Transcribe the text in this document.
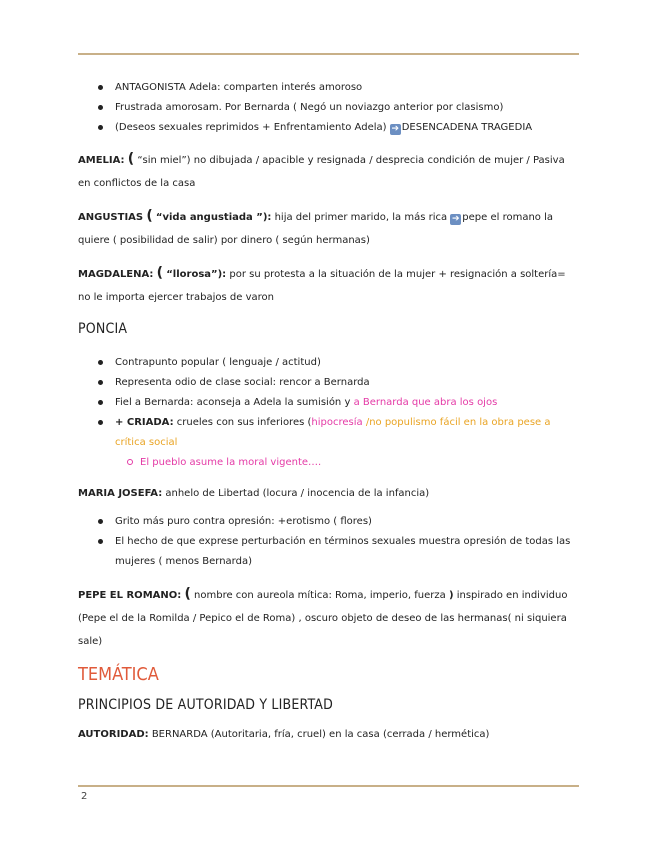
ANTAGONISTA Adela: comparten interés amoroso
Frustrada amorosam. Por Bernarda ( Negó un noviazgo anterior por clasismo)
(Deseos sexuales reprimidos + Enfrentamiento Adela) ➔ DESENCADENA TRAGEDIA

AMELIA: ( “sin miel”) no dibujada / apacible y resignada / desprecia condición de mujer / Pasiva en conflictos de la casa

ANGUSTIAS ( “vida angustiada ”): hija del primer marido, la más rica ➔ pepe el romano la quiere ( posibilidad de salir) por dinero ( según hermanas)

MAGDALENA: ( “llorosa”): por su protesta a la situación de la mujer + resignación a soltería= no le importa ejercer trabajos de varon

PONCIA
Contrapunto popular ( lenguaje / actitud)
Representa odio de clase social: rencor a Bernarda
Fiel a Bernarda: aconseja a Adela la sumisión y a Bernarda que abra los ojos
+ CRIADA: crueles con sus inferiores (hipocresía /no populismo fácil en la obra pese a crítica social
El pueblo asume la moral vigente….

MARIA JOSEFA: anhelo de Libertad (locura / inocencia de la infancia)

Grito más puro contra opresión: +erotismo ( flores)
El hecho de que exprese perturbación en términos sexuales muestra opresión de todas las mujeres ( menos Bernarda)

PEPE EL ROMANO: ( nombre con aureola mítica: Roma, imperio, fuerza ) inspirado en individuo (Pepe el de la Romilda / Pepico el de Roma) , oscuro objeto de deseo de las hermanas( ni siquiera sale)

TEMÁTICA
PRINCIPIOS DE AUTORIDAD Y LIBERTAD

AUTORIDAD: BERNARDA (Autoritaria, fría, cruel) en la casa (cerrada / hermética)

2
